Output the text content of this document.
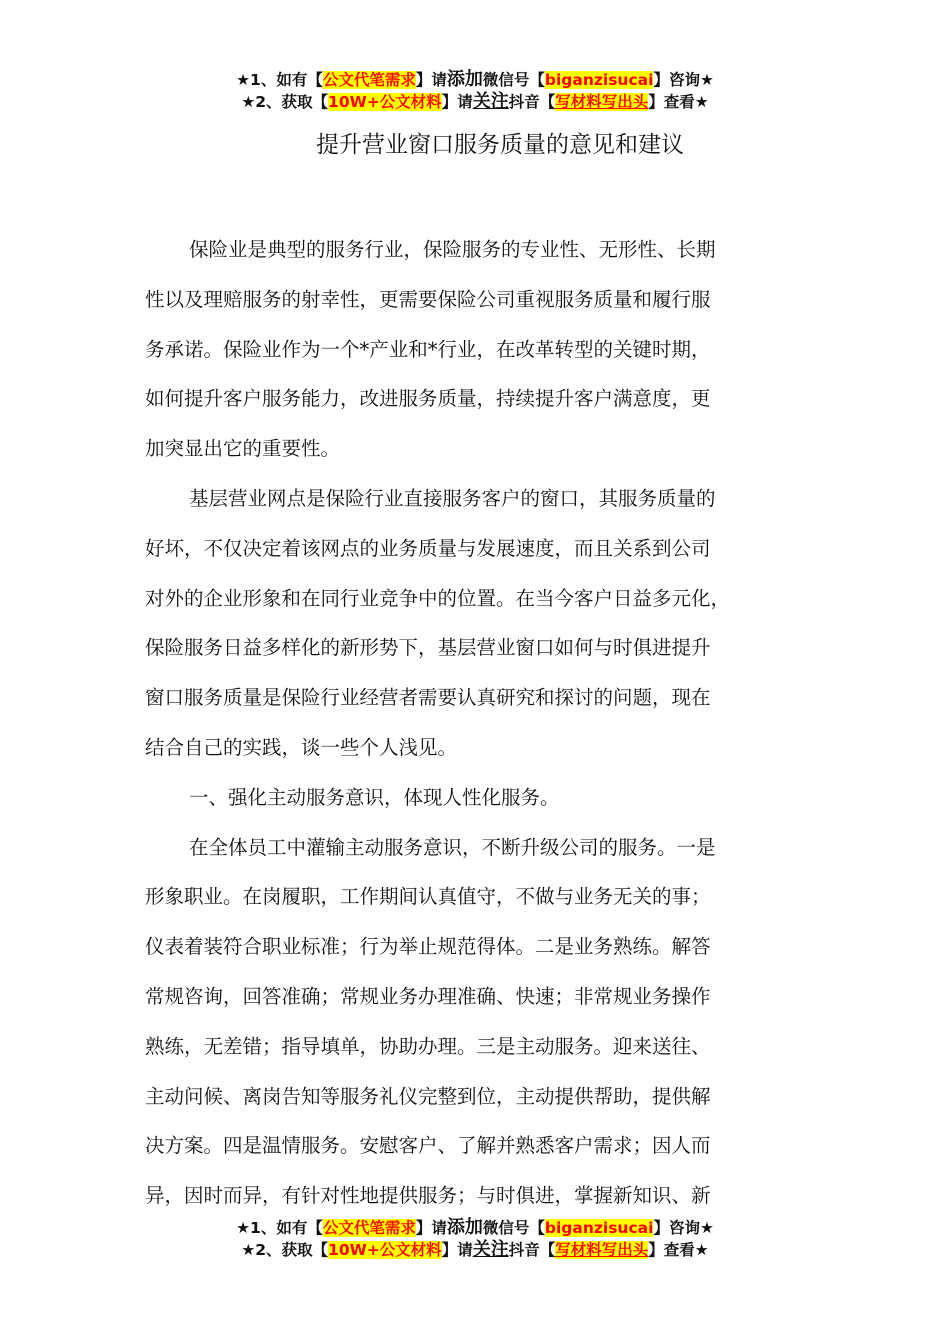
★1、如有【公文代笔需求】请添加微信号【biganzisucai】咨询★
★2、获取【10W+公文材料】请关注抖音【写材料写出头】查看★
提升营业窗口服务质量的意见和建议
保险业是典型的服务行业，保险服务的专业性、无形性、长期
性以及理赔服务的射幸性，更需要保险公司重视服务质量和履行服
务承诺。保险业作为一个*产业和*行业，在改革转型的关键时期，
如何提升客户服务能力，改进服务质量，持续提升客户满意度，更
加突显出它的重要性。
基层营业网点是保险行业直接服务客户的窗口，其服务质量的
好坏，不仅决定着该网点的业务质量与发展速度，而且关系到公司
对外的企业形象和在同行业竞争中的位置。在当今客户日益多元化，
保险服务日益多样化的新形势下，基层营业窗口如何与时俱进提升
窗口服务质量是保险行业经营者需要认真研究和探讨的问题，现在
结合自己的实践，谈一些个人浅见。
一、强化主动服务意识，体现人性化服务。
在全体员工中灌输主动服务意识，不断升级公司的服务。一是
形象职业。在岗履职，工作期间认真值守，不做与业务无关的事；
仪表着装符合职业标准；行为举止规范得体。二是业务熟练。解答
常规咨询，回答准确；常规业务办理准确、快速；非常规业务操作
熟练，无差错；指导填单，协助办理。三是主动服务。迎来送往、
主动问候、离岗告知等服务礼仪完整到位，主动提供帮助，提供解
决方案。四是温情服务。安慰客户、了解并熟悉客户需求；因人而
异，因时而异，有针对性地提供服务；与时俱进，掌握新知识、新
★1、如有【公文代笔需求】请添加微信号【biganzisucai】咨询★
★2、获取【10W+公文材料】请关注抖音【写材料写出头】查看★
